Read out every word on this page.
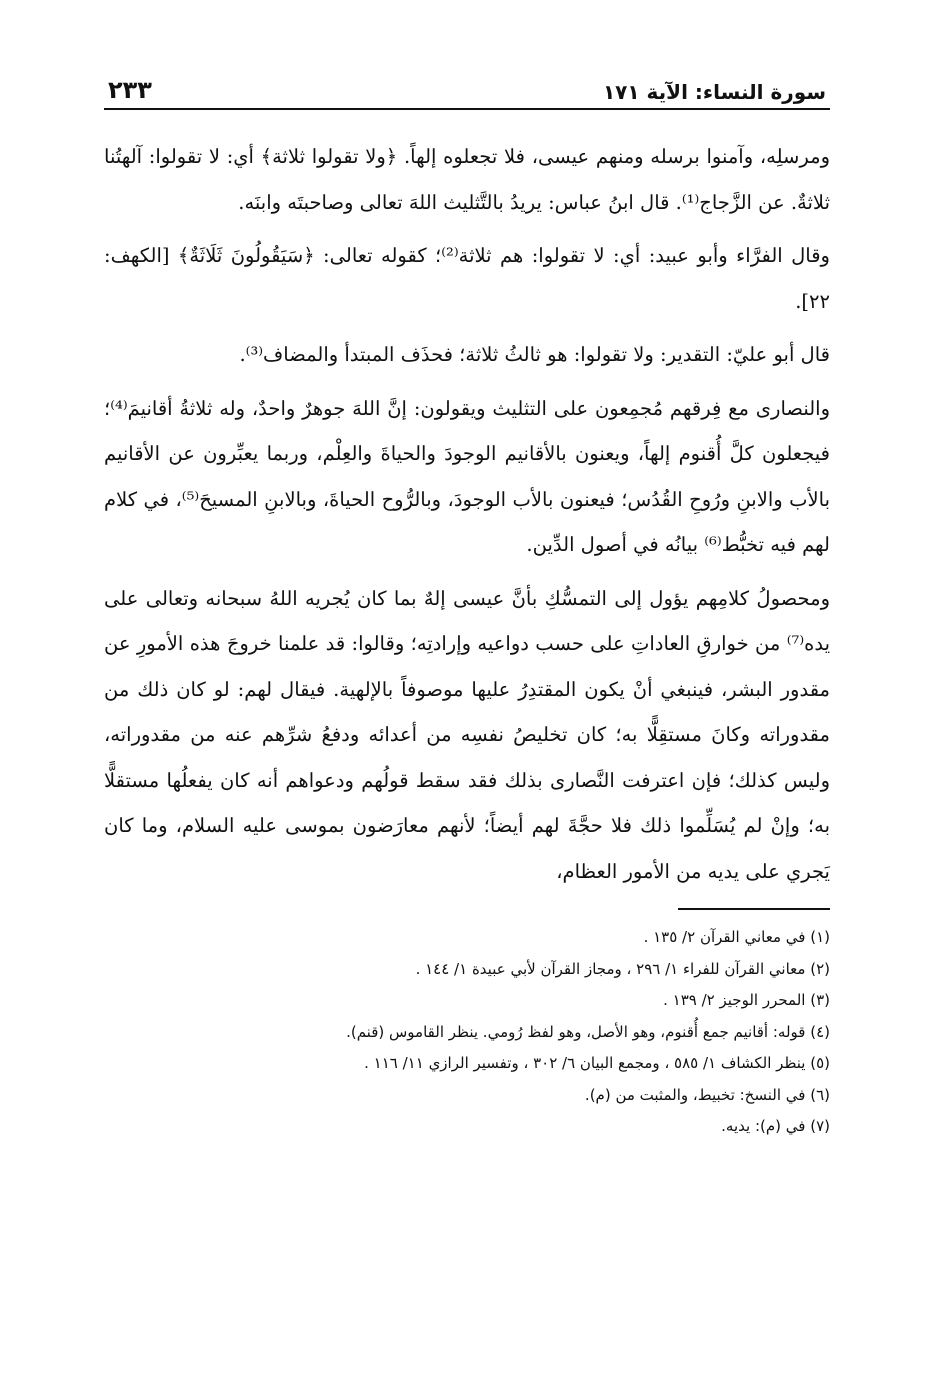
سورة النساء: الآية ١٧١
٢٣٣

ومرسلِه، وآمنوا برسله ومنهم عيسى، فلا تجعلوه إلهاً. ﴿ولا تقولوا ثلاثة﴾ أي: لا تقولوا: آلهتُنا ثلاثةٌ. عن الزَّجاج⁽¹⁾. قال ابنُ عباس: يريدُ بالتَّثليث اللهَ تعالى وصاحبتَه وابنَه.

وقال الفرَّاء وأبو عبيد: أي: لا تقولوا: هم ثلاثة⁽²⁾؛ كقوله تعالى: ﴿سَيَقُولُونَ ثَلَاثَةٌ﴾ [الكهف: ٢٢].

قال أبو عليّ: التقدير: ولا تقولوا: هو ثالثُ ثلاثة؛ فحذَف المبتدأ والمضاف⁽³⁾.

والنصارى مع فِرقهم مُجمِعون على التثليث ويقولون: إنَّ اللهَ جوهرٌ واحدٌ، وله ثلاثةُ أقانيمَ⁽⁴⁾؛ فيجعلون كلَّ أُقنوم إلهاً، ويعنون بالأقانيم الوجودَ والحياةَ والعِلْم، وربما يعبِّرون عن الأقانيم بالأب والابنِ ورُوحِ القُدُس؛ فيعنون بالأب الوجودَ، وبالرُّوح الحياةَ، وبالابنِ المسيحَ⁽⁵⁾، في كلام لهم فيه تخبُّط⁽⁶⁾ بيانُه في أصول الدِّين.

ومحصولُ كلامِهم يؤول إلى التمسُّكِ بأنَّ عيسى إلهٌ بما كان يُجريه اللهُ سبحانه وتعالى على يده⁽⁷⁾ من خوارقِ العاداتِ على حسب دواعيه وإرادتِه؛ وقالوا: قد علمنا خروجَ هذه الأمورِ عن مقدور البشر، فينبغي أنْ يكون المقتدِرُ عليها موصوفاً بالإلهية. فيقال لهم: لو كان ذلك من مقدوراته وكانَ مستقِلًّا به؛ كان تخليصُ نفسِه من أعدائه ودفعُ شرِّهم عنه من مقدوراته، وليس كذلك؛ فإن اعترفت النَّصارى بذلك فقد سقط قولُهم ودعواهم أنه كان يفعلُها مستقلًّا به؛ وإنْ لم يُسَلِّموا ذلك فلا حجَّةَ لهم أيضاً؛ لأنهم معارَضون بموسى عليه السلام، وما كان يَجري على يديه من الأمور العظام،

(١) في معاني القرآن ٢/ ١٣٥ .
(٢) معاني القرآن للفراء ١/ ٢٩٦ ، ومجاز القرآن لأبي عبيدة ١/ ١٤٤ .
(٣) المحرر الوجيز ٢/ ١٣٩ .
(٤) قوله: أقانيم جمع أُقنوم، وهو الأصل، وهو لفظ رُومي. ينظر القاموس (قنم).
(٥) ينظر الكشاف ١/ ٥٨٥ ، ومجمع البيان ٦/ ٣٠٢ ، وتفسير الرازي ١١/ ١١٦ .
(٦) في النسخ: تخبيط، والمثبت من (م).
(٧) في (م): يديه.
